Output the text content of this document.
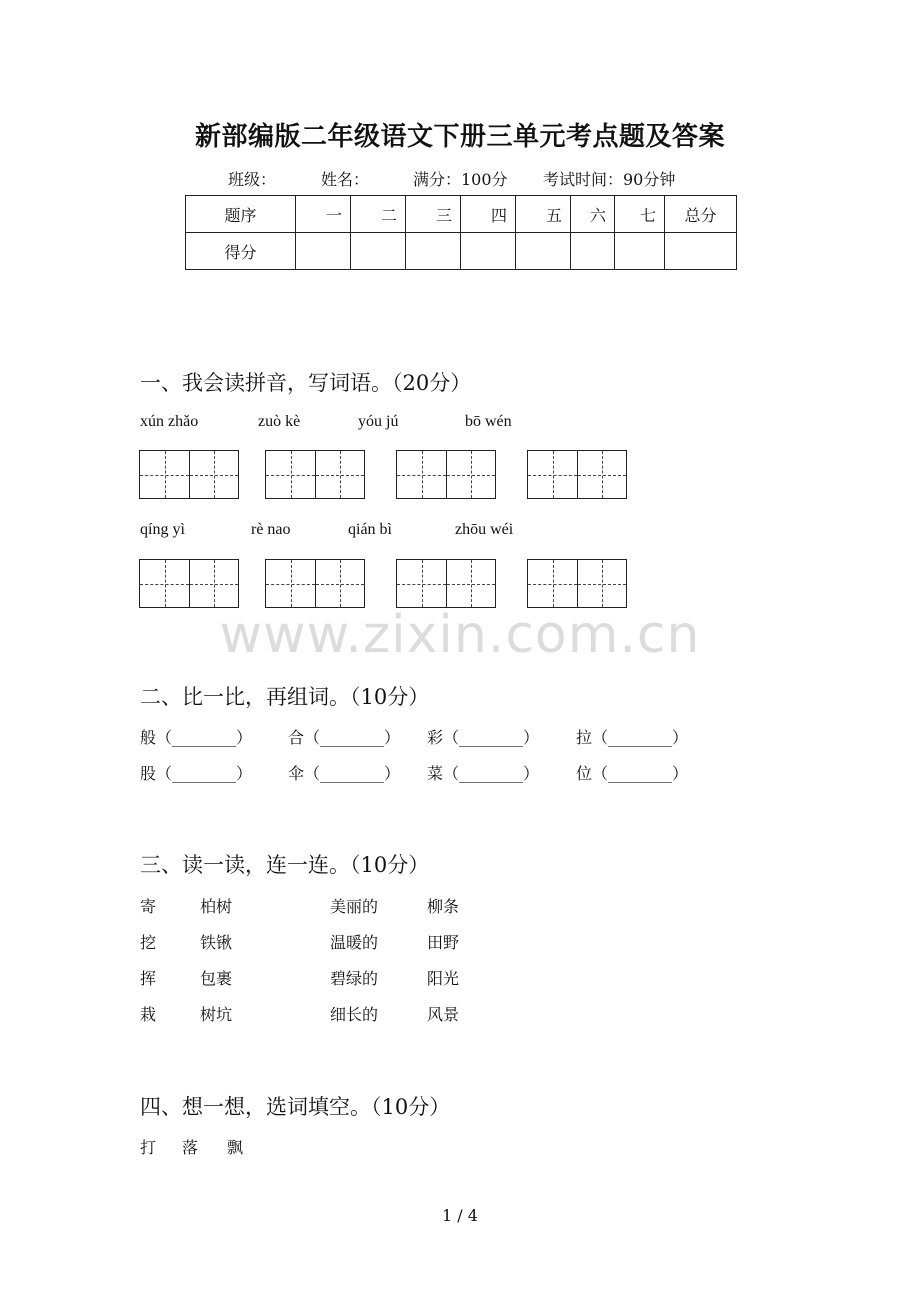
新部编版二年级语文下册三单元考点题及答案
班级：	姓名：	满分：100分 考试时间：90分钟
题序	一	二	三	四	五	六	七	总分
得分								
一、我会读拼音，写词语。（20分）
xún zhǎo	zuò kè	yóu jú	bō wén
qíng yì	rè nao	qián bì	zhōu wéi
www.zixin.com.cn
二、比一比，再组词。（10分）
般（________） 合（________） 彩（________） 拉（________）
股（________） 伞（________） 菜（________） 位（________）
三、读一读，连一连。（10分）
寄	柏树	美丽的	柳条
挖	铁锹	温暖的	田野
挥	包裹	碧绿的	阳光
栽	树坑	细长的	风景
四、想一想，选词填空。（10分）
打 落 飘
1 / 4
